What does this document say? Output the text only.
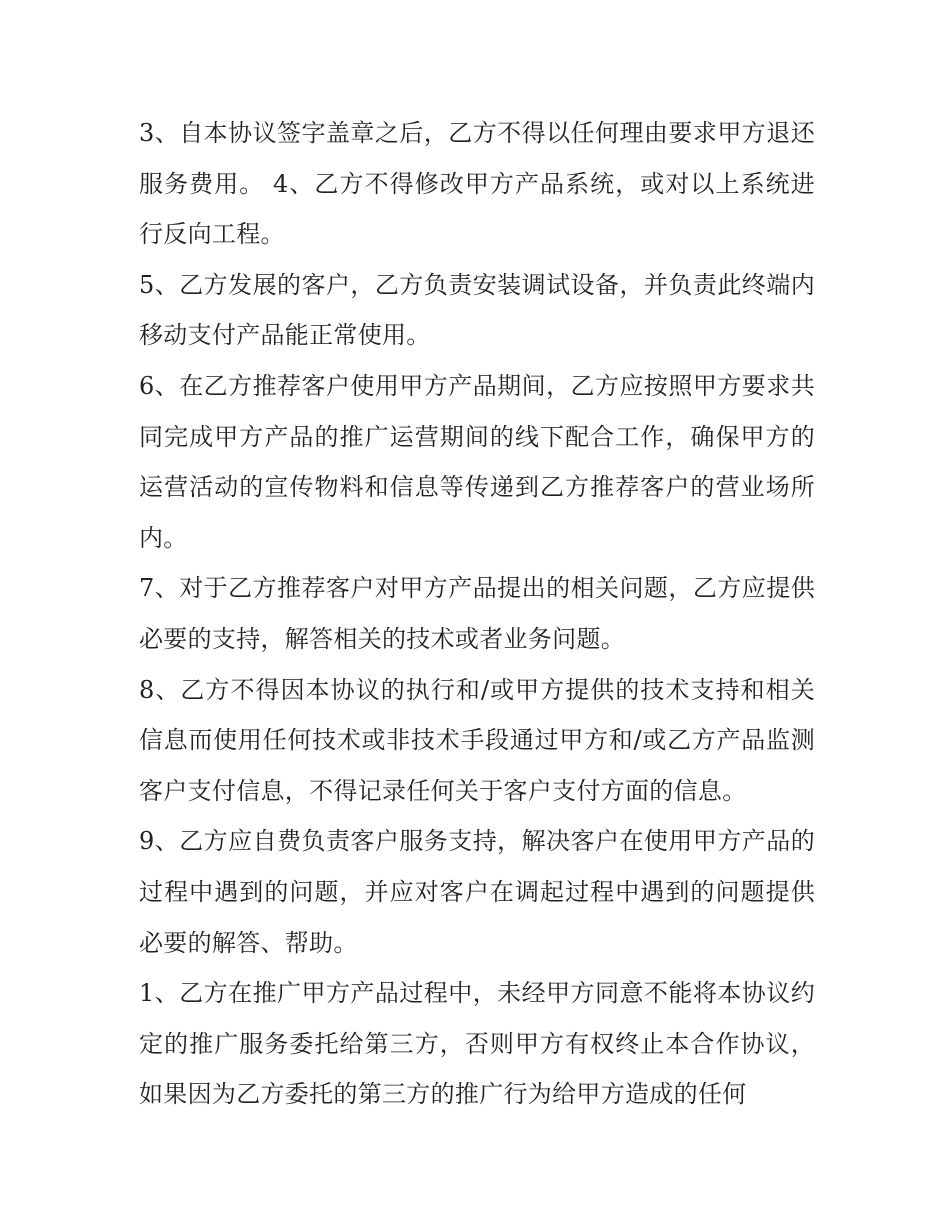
3、自本协议签字盖章之后，乙方不得以任何理由要求甲方退还服务费用。 4、乙方不得修改甲方产品系统，或对以上系统进行反向工程。

5、乙方发展的客户，乙方负责安装调试设备，并负责此终端内移动支付产品能正常使用。

6、在乙方推荐客户使用甲方产品期间，乙方应按照甲方要求共同完成甲方产品的推广运营期间的线下配合工作，确保甲方的运营活动的宣传物料和信息等传递到乙方推荐客户的营业场所内。

7、对于乙方推荐客户对甲方产品提出的相关问题，乙方应提供必要的支持，解答相关的技术或者业务问题。

8、乙方不得因本协议的执行和/或甲方提供的技术支持和相关信息而使用任何技术或非技术手段通过甲方和/或乙方产品监测客户支付信息，不得记录任何关于客户支付方面的信息。

9、乙方应自费负责客户服务支持，解决客户在使用甲方产品的过程中遇到的问题，并应对客户在调起过程中遇到的问题提供必要的解答、帮助。

1、乙方在推广甲方产品过程中，未经甲方同意不能将本协议约定的推广服务委托给第三方，否则甲方有权终止本合作协议，如果因为乙方委托的第三方的推广行为给甲方造成的任何
